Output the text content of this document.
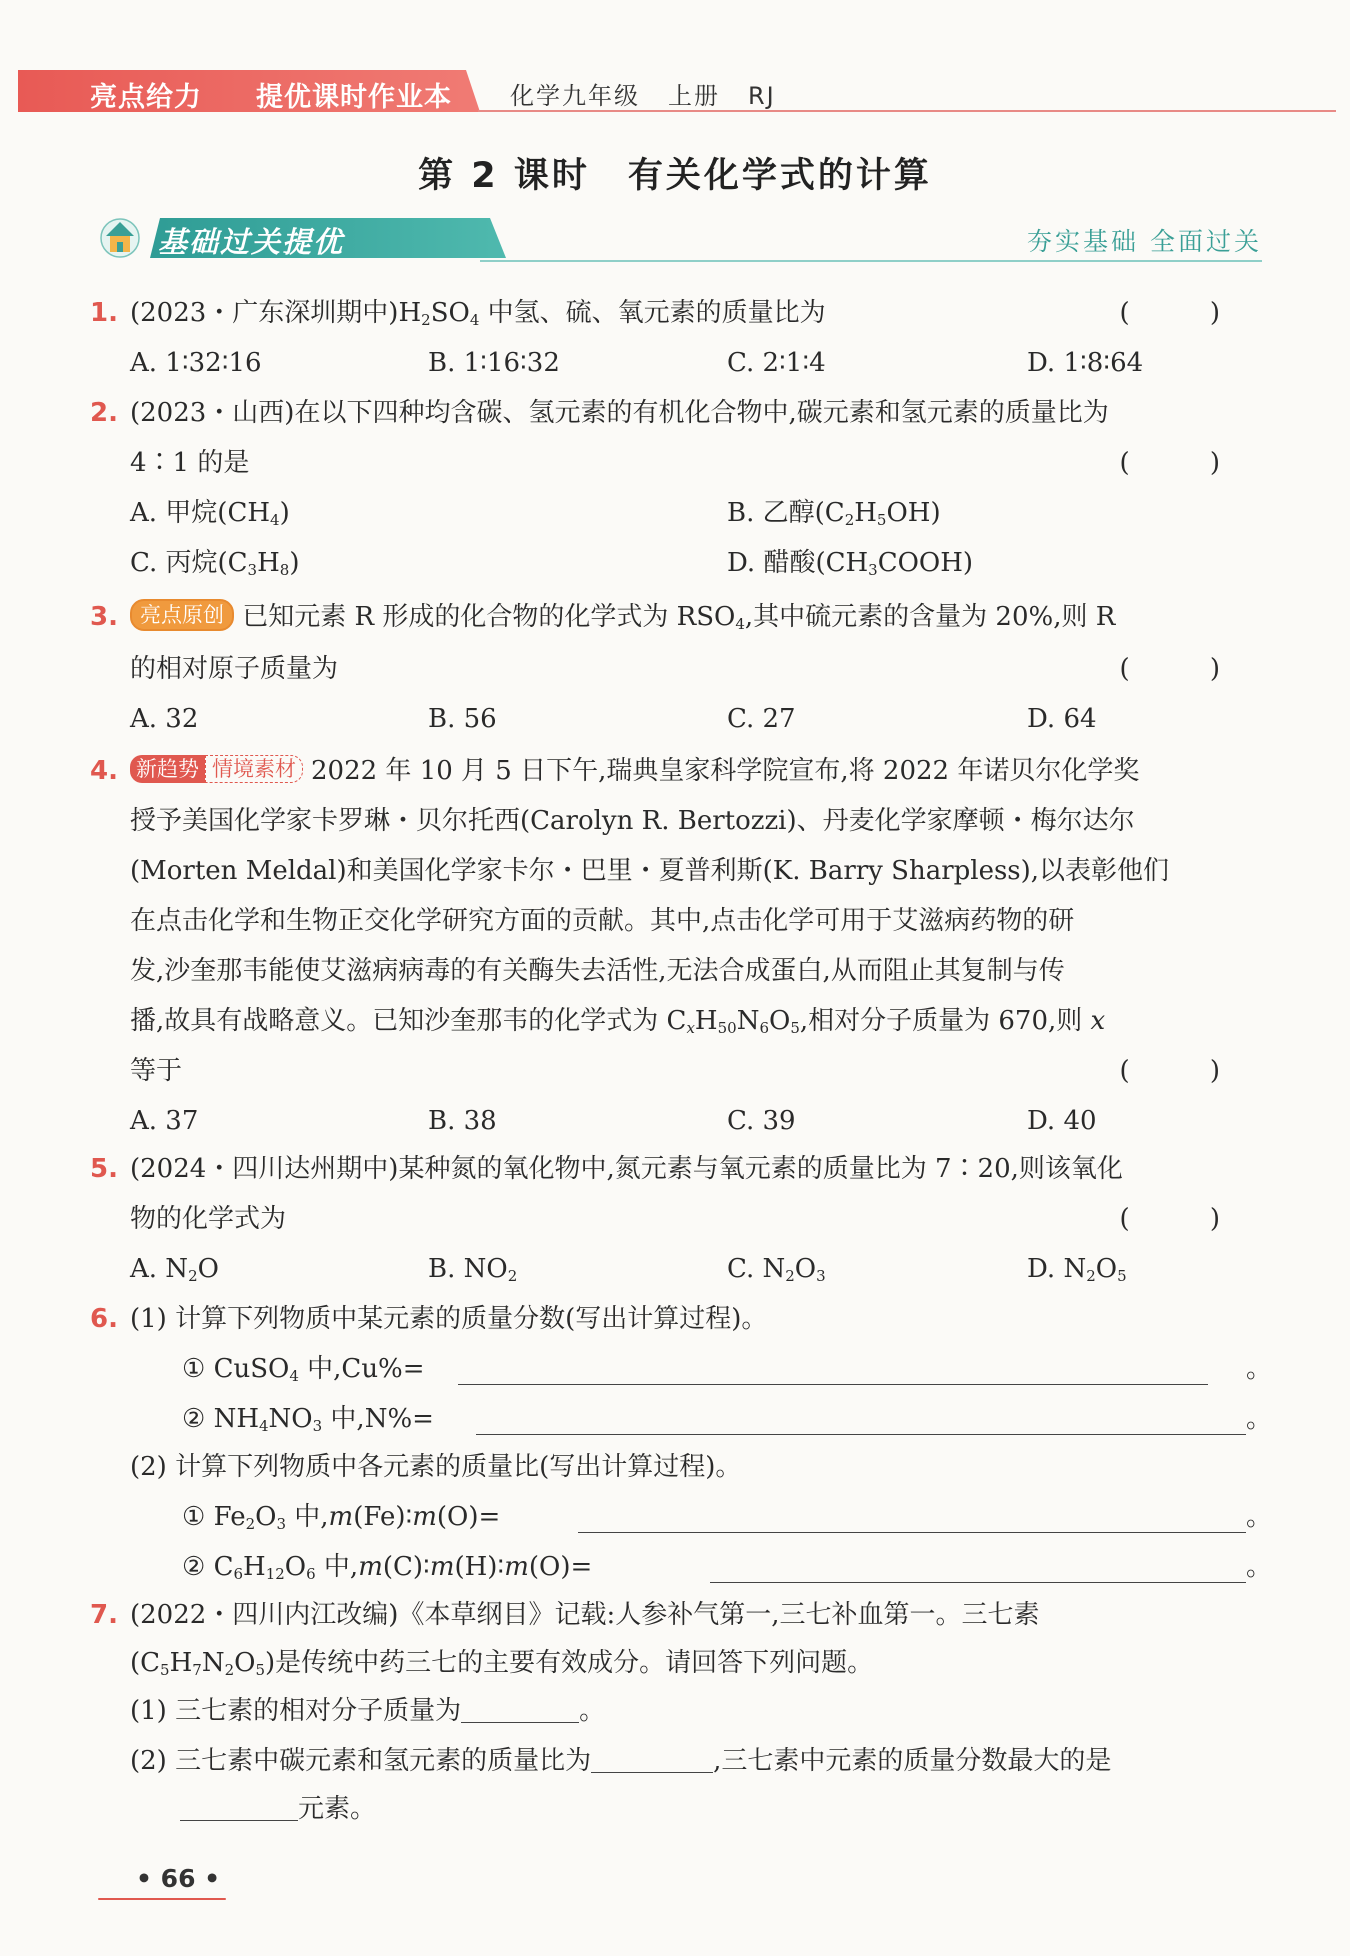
亮点给力 提优课时作业本 化学九年级 上册 RJ
第 2 课时　有关化学式的计算
基础过关提优	夯实基础 全面过关
1. (2023・广东深圳期中)$H_2SO_4$ 中氢、硫、氧元素的质量比为	( )
A. 1∶32∶16	B. 1∶16∶32	C. 2∶1∶4	D. 1∶8∶64
2. (2023・山西)在以下四种均含碳、氢元素的有机化合物中,碳元素和氢元素的质量比为
4∶1 的是	( )
A. 甲烷$(CH_4)$	B. 乙醇$(C_2H_5OH)$
C. 丙烷$(C_3H_8)$	D. 醋酸$(CH_3COOH)$
3.	亮点原创 已知元素 R 形成的化合物的化学式为 $RSO_4$,其中硫元素的含量为 20%,则 R
的相对原子质量为	( )
A. 32	B. 56	C. 27	D. 64
4. 新趋势 情境素材 2022 年 10 月 5 日下午,瑞典皇家科学院宣布,将 2022 年诺贝尔化学奖
授予美国化学家卡罗琳・贝尔托西(Carolyn R. Bertozzi)、丹麦化学家摩顿・梅尔达尔
(Morten Meldal)和美国化学家卡尔・巴里・夏普利斯(K. Barry Sharpless),以表彰他们
在点击化学和生物正交化学研究方面的贡献。其中,点击化学可用于艾滋病药物的研
发,沙奎那韦能使艾滋病病毒的有关酶失去活性,无法合成蛋白,从而阻止其复制与传
播,故具有战略意义。已知沙奎那韦的化学式为 $C_xH_{50}N_6O_5$,相对分子质量为 670,则 x
等于	( )
A. 37	B. 38	C. 39	D. 40
5. (2024・四川达州期中)某种氮的氧化物中,氮元素与氧元素的质量比为 7∶20,则该氧化
物的化学式为	( )
A. $N_2O$	B. $NO_2$	C. $N_2O_3$	D. $N_2O_5$
6. (1) 计算下列物质中某元素的质量分数(写出计算过程)。
① CuSO$_4$ 中,Cu%=	。
② $NH_4NO_3$ 中,N%=	。
(2) 计算下列物质中各元素的质量比(写出计算过程)。
① $Fe_2O_3$ 中,m(Fe)∶m(O)=	。
② $C_6H_{12}O_6$ 中,m(C)∶m(H)∶m(O)=	。
7. (2022・四川内江改编)《本草纲目》记载:人参补气第一,三七补血第一。三七素
$(C_5H_7N_2O_5)$是传统中药三七的主要有效成分。请回答下列问题。
(1) 三七素的相对分子质量为	。
(2) 三七素中碳元素和氢元素的质量比为	,三七素中元素的质量分数最大的是
元素。
• 66 •
